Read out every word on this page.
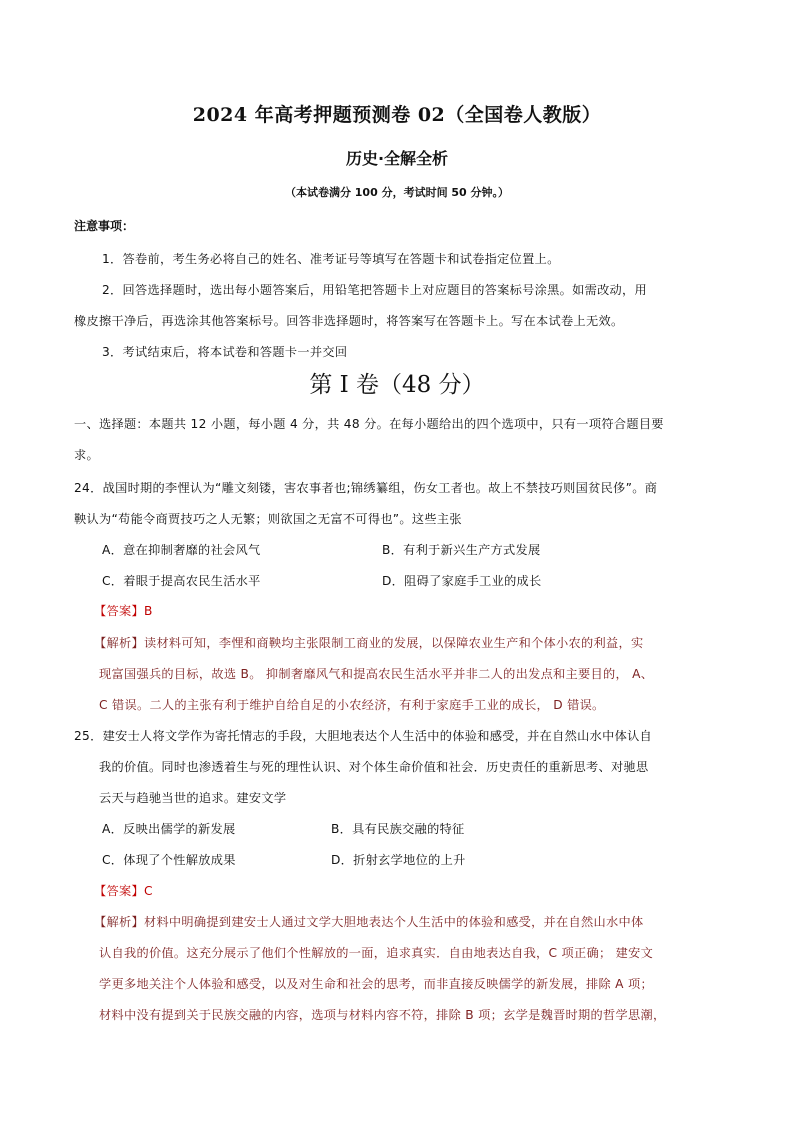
2024 年高考押题预测卷 02（全国卷人教版）
历史·全解全析
（本试卷满分 100 分，考试时间 50 分钟。）
注意事项：
1．答卷前，考生务必将自己的姓名、准考证号等填写在答题卡和试卷指定位置上。
2．回答选择题时，选出每小题答案后，用铅笔把答题卡上对应题目的答案标号涂黑。如需改动，用
橡皮擦干净后，再选涂其他答案标号。回答非选择题时，将答案写在答题卡上。写在本试卷上无效。
3．考试结束后，将本试卷和答题卡一并交回
第 I 卷（48 分）
一、选择题：本题共 12 小题，每小题 4 分，共 48 分。在每小题给出的四个选项中，只有一项符合题目要
求。
24．战国时期的李悝认为“雕文刻镂，害农事者也;锦绣纂组，伤女工者也。故上不禁技巧则国贫民侈”。商
鞅认为“苟能令商贾技巧之人无繁；则欲国之无富不可得也”。这些主张
A．意在抑制奢靡的社会风气	B．有利于新兴生产方式发展
C．着眼于提高农民生活水平	D．阻碍了家庭手工业的成长
【答案】B
【解析】读材料可知，李悝和商鞅均主张限制工商业的发展，以保障农业生产和个体小农的利益，实
现富国强兵的目标，故选 B。 抑制奢靡风气和提高农民生活水平并非二人的出发点和主要目的， A、
C 错误。二人的主张有利于维护自给自足的小农经济，有利于家庭手工业的成长， D 错误。
25．建安士人将文学作为寄托情志的手段，大胆地表达个人生活中的体验和感受，并在自然山水中体认自
我的价值。同时也渗透着生与死的理性认识、对个体生命价值和社会．历史责任的重新思考、对驰思
云天与趋驰当世的追求。建安文学
A．反映出儒学的新发展	B．具有民族交融的特征
C．体现了个性解放成果	D．折射玄学地位的上升
【答案】C
【解析】材料中明确提到建安士人通过文学大胆地表达个人生活中的体验和感受，并在自然山水中体
认自我的价值。这充分展示了他们个性解放的一面，追求真实．自由地表达自我，C 项正确； 建安文
学更多地关注个人体验和感受，以及对生命和社会的思考，而非直接反映儒学的新发展，排除 A 项；
材料中没有提到关于民族交融的内容，选项与材料内容不符，排除 B 项；玄学是魏晋时期的哲学思潮，
